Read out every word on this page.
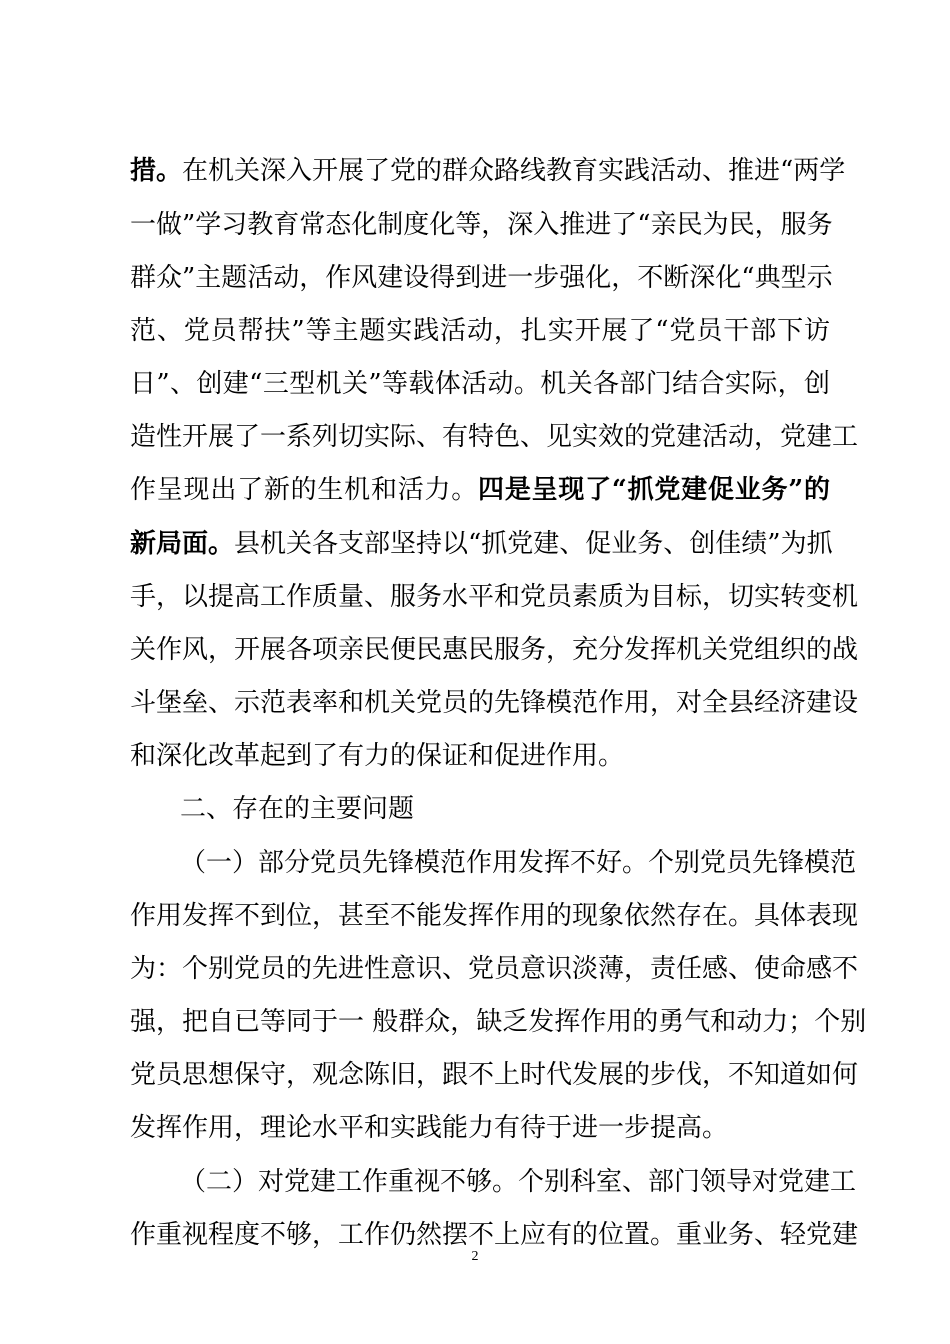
措。在机关深入开展了党的群众路线教育实践活动、推进“两学
一做”学习教育常态化制度化等，深入推进了“亲民为民，服务
群众”主题活动，作风建设得到进一步强化，不断深化“典型示
范、党员帮扶”等主题实践活动，扎实开展了“党员干部下访
日”、创建“三型机关”等载体活动。机关各部门结合实际，创
造性开展了一系列切实际、有特色、见实效的党建活动，党建工
作呈现出了新的生机和活力。四是呈现了“抓党建促业务”的
新局面。县机关各支部坚持以“抓党建、促业务、创佳绩”为抓
手，以提高工作质量、服务水平和党员素质为目标，切实转变机
关作风，开展各项亲民便民惠民服务，充分发挥机关党组织的战
斗堡垒、示范表率和机关党员的先锋模范作用，对全县经济建设
和深化改革起到了有力的保证和促进作用。
二、存在的主要问题
（一）部分党员先锋模范作用发挥不好。个别党员先锋模范
作用发挥不到位，甚至不能发挥作用的现象依然存在。具体表现
为：个别党员的先进性意识、党员意识淡薄，责任感、使命感不
强，把自已等同于一 般群众，缺乏发挥作用的勇气和动力；个别
党员思想保守，观念陈旧，跟不上时代发展的步伐，不知道如何
发挥作用，理论水平和实践能力有待于进一步提高。
（二）对党建工作重视不够。个别科室、部门领导对党建工
作重视程度不够，工作仍然摆不上应有的位置。重业务、轻党建
2
